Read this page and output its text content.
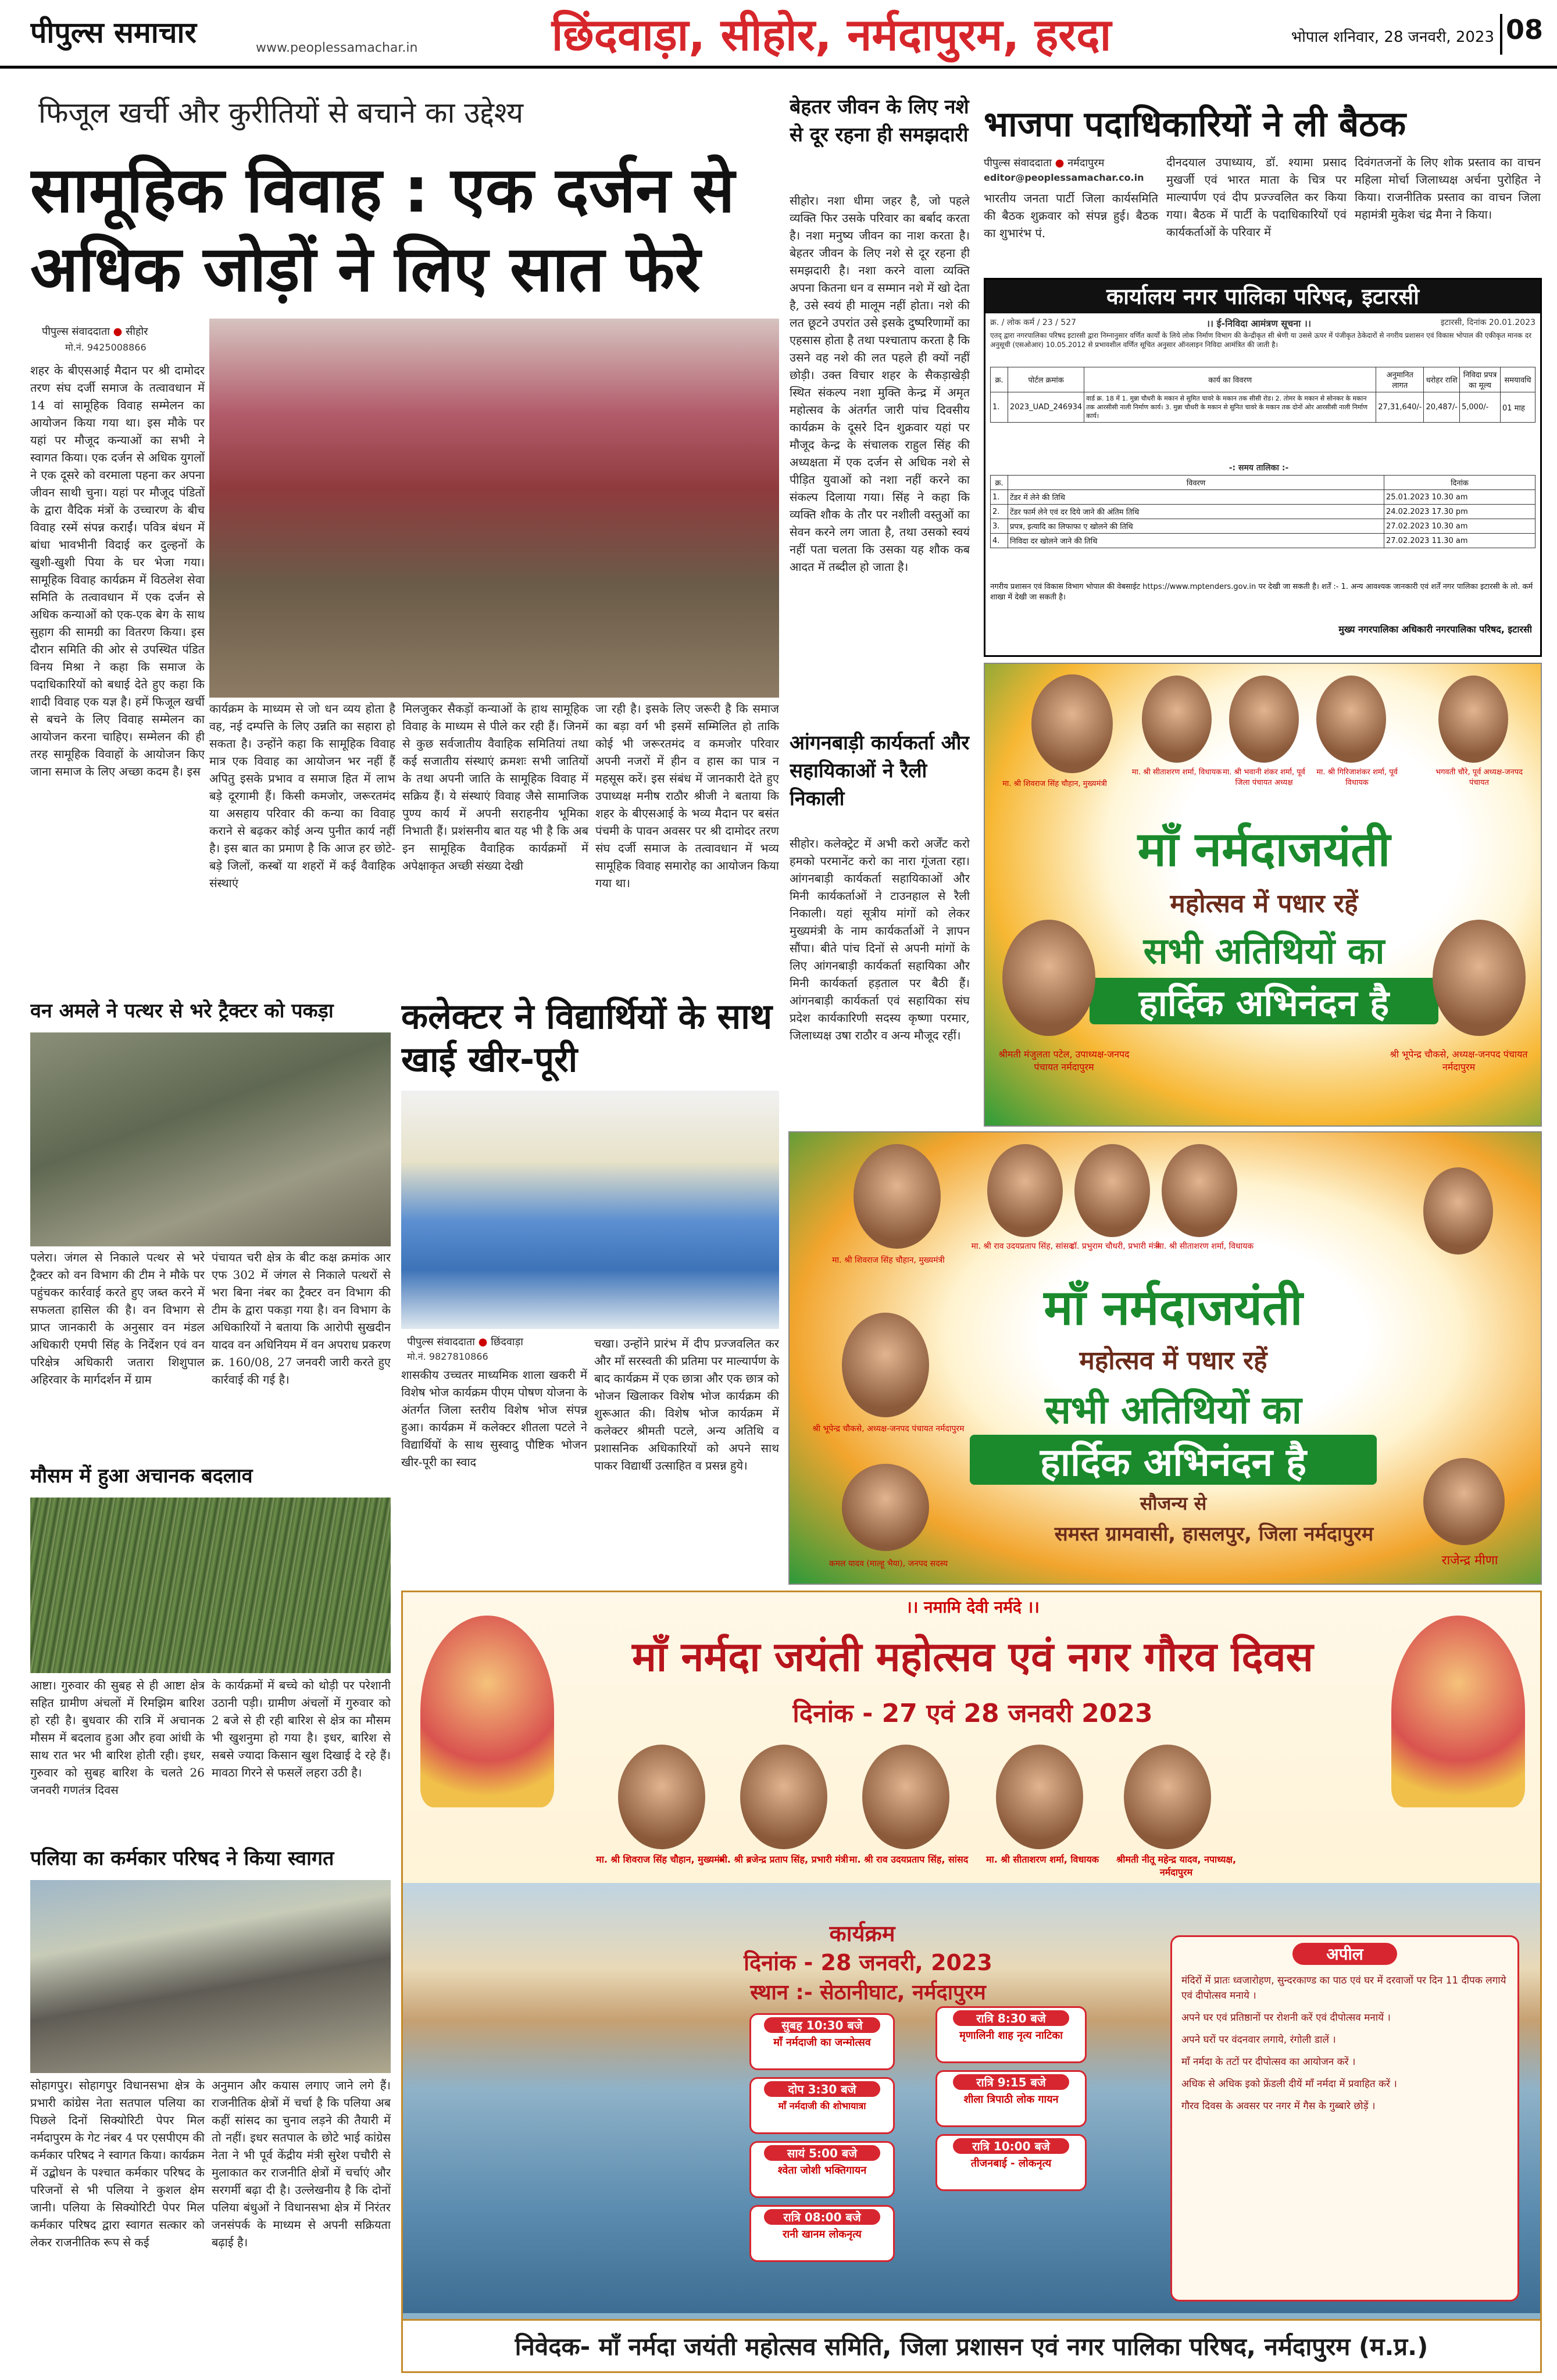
पीपुल्स समाचार	www.peoplessamachar.in	छिंदवाड़ा, सीहोर, नर्मदापुरम, हरदा	भोपाल शनिवार, 28 जनवरी, 2023 08
फिजूल खर्ची और कुरीतियों से बचाने का उद्देश्य
सामूहिक विवाह : एक दर्जन से अधिक जोड़ों ने लिए सात फेरे
पीपुल्स संवाददाता ● सीहोर
मो.नं. 9425008866
शहर के बीएसआई मैदान पर श्री दामोदर तरण संघ दर्जी समाज के तत्वावधान में 14 वां सामूहिक विवाह सम्मेलन का आयोजन किया गया था। इस मौके पर यहां पर मौजूद कन्याओं का सभी ने स्वागत किया। एक दर्जन से अधिक युगलों ने एक दूसरे को वरमाला पहना कर अपना जीवन साथी चुना। यहां पर मौजूद पंडितों के द्वारा वैदिक मंत्रों के उच्चारण के बीच विवाह रस्में संपन्न कराईं। पवित्र बंधन में बांधा भावभीनी विदाई कर दुल्हनों के खुशी-खुशी पिया के घर भेजा गया। सामूहिक विवाह कार्यक्रम में विठलेश सेवा समिति के तत्वावधान में एक दर्जन से अधिक कन्याओं को एक-एक बेग के साथ सुहाग की सामग्री का वितरण किया। इस दौरान समिति की ओर से उपस्थित पंडित विनय मिश्रा ने कहा कि समाज के पदाधिकारियों को बधाई देते हुए कहा कि शादी विवाह एक यज्ञ है। हमें फिजूल खर्ची से बचने के लिए विवाह सम्मेलन का आयोजन करना चाहिए। सम्मेलन की ही तरह सामूहिक विवाहों के आयोजन किए जाना समाज के लिए अच्छा कदम है। इस
कार्यक्रम के माध्यम से जो धन व्यय होता है वह, नई दम्पत्ति के लिए उन्नति का सहारा हो सकता है। उन्होंने कहा कि सामूहिक विवाह मात्र एक विवाह का आयोजन भर नहीं हैं अपितु इसके प्रभाव व समाज हित में लाभ बड़े दूरगामी हैं। किसी कमजोर, जरूरतमंद या असहाय परिवार की कन्या का विवाह कराने से बढ़कर कोई अन्य पुनीत कार्य नहीं है। इस बात का प्रमाण है कि आज हर छोटे-बड़े जिलों, कस्बों या शहरों में कई वैवाहिक संस्थाएं
मिलजुकर सैकड़ों कन्याओं के हाथ सामूहिक विवाह के माध्यम से पीले कर रही हैं। जिनमें से कुछ सर्वजातीय वैवाहिक समितियां तथा कई सजातीय संस्थाएं क्रमशः सभी जातियों के तथा अपनी जाति के सामूहिक विवाह में सक्रिय हैं। ये संस्थाएं विवाह जैसे सामाजिक पुण्य कार्य में अपनी सराहनीय भूमिका निभाती हैं। प्रशंसनीय बात यह भी है कि अब इन सामूहिक वैवाहिक कार्यक्रमों में अपेक्षाकृत अच्छी संख्या देखी
जा रही है। इसके लिए जरूरी है कि समाज का बड़ा वर्ग भी इसमें सम्मिलित हो ताकि कोई भी जरूरतमंद व कमजोर परिवार अपनी नजरों में हीन व हास का पात्र न महसूस करें। इस संबंध में जानकारी देते हुए उपाध्यक्ष मनीष राठौर श्रीजी ने बताया कि शहर के बीएसआई के भव्य मैदान पर बसंत पंचमी के पावन अवसर पर श्री दामोदर तरण संघ दर्जी समाज के तत्वावधान में भव्य सामूहिक विवाह समारोह का आयोजन किया गया था।
बेहतर जीवन के लिए नशे से दूर रहना ही समझदारी
सीहोर। नशा धीमा जहर है, जो पहले व्यक्ति फिर उसके परिवार का बर्बाद करता है। नशा मनुष्य जीवन का नाश करता है। बेहतर जीवन के लिए नशे से दूर रहना ही समझदारी है। नशा करने वाला व्यक्ति अपना कितना धन व सम्मान नशे में खो देता है, उसे स्वयं ही मालूम नहीं होता। नशे की लत छूटने उपरांत उसे इसके दुष्परिणामों का एहसास होता है तथा पश्चाताप करता है कि उसने वह नशे की लत पहले ही क्यों नहीं छोड़ी। उक्त विचार शहर के सैकड़ाखेड़ी स्थित संकल्प नशा मुक्ति केन्द्र में अमृत महोत्सव के अंतर्गत जारी पांच दिवसीय कार्यक्रम के दूसरे दिन शुक्रवार यहां पर मौजूद केन्द्र के संचालक राहुल सिंह की अध्यक्षता में एक दर्जन से अधिक नशे से पीड़ित युवाओं को नशा नहीं करने का संकल्प दिलाया गया। सिंह ने कहा कि व्यक्ति शौक के तौर पर नशीली वस्तुओं का सेवन करने लग जाता है, तथा उसको स्वयं नहीं पता चलता कि उसका यह शौक कब आदत में तब्दील हो जाता है।
आंगनबाड़ी कार्यकर्ता और सहायिकाओं ने रैली निकाली
सीहोर। कलेक्ट्रेट में अभी करो अर्जेंट करो हमको परमानेंट करो का नारा गूंजता रहा। आंगनबाड़ी कार्यकर्ता सहायिकाओं और मिनी कार्यकर्ताओं ने टाउनहाल से रैली निकाली। यहां सूत्रीय मांगों को लेकर मुख्यमंत्री के नाम कार्यकर्ताओं ने ज्ञापन सौंपा। बीते पांच दिनों से अपनी मांगों के लिए आंगनबाड़ी कार्यकर्ता सहायिका और मिनी कार्यकर्ता हड़ताल पर बैठी हैं। आंगनबाड़ी कार्यकर्ता एवं सहायिका संघ प्रदेश कार्यकारिणी सदस्य कृष्णा परमार, जिलाध्यक्ष उषा राठौर व अन्य मौजूद रहीं।
भाजपा पदाधिकारियों ने ली बैठक
पीपुल्स संवाददाता ● नर्मदापुरम
editor@peoplessamachar.co.in
भारतीय जनता पार्टी जिला कार्यसमिति की बैठक शुक्रवार को संपन्न हुई। बैठक का शुभारंभ पं.
दीनदयाल उपाध्याय, डॉ. श्यामा प्रसाद मुखर्जी एवं भारत माता के चित्र पर माल्यार्पण एवं दीप प्रज्ज्वलित कर किया गया। बैठक में पार्टी के पदाधिकारियों एवं कार्यकर्ताओं के परिवार में
दिवंगतजनों के लिए शोक प्रस्ताव का वाचन महिला मोर्चा जिलाध्यक्ष अर्चना पुरोहित ने किया। राजनीतिक प्रस्ताव का वाचन जिला महामंत्री मुकेश चंद्र मैना ने किया।
कार्यालय नगर पालिका परिषद, इटारसी
क्र. / लोक कर्म / 23 / 527	।। ई-निविदा आमंत्रण सूचना ।।	इटारसी, दिनांक 20.01.2023
एतद् द्वारा नगरपालिका परिषद इटारसी द्वारा निम्नानुसार वर्णित कार्यों के लिये लोक निर्माण विभाग की केन्द्रीकृत सी श्रेणी या उससे ऊपर में पंजीकृत ठेकेदारों से नगरीय प्रशासन एवं विकास भोपाल की एकीकृत मानक दर अनुसूची (एसओआर) 10.05.2012 से प्रभावशील वर्णित सूचित अनुसार ऑनलाइन निविदा आमंत्रित की जाती है।
क्र.	पोर्टल क्रमांक	कार्य का विवरण	अनुमानित लागत	धरोहर राशि	निविदा प्रपत्र का मूल्य	समयावधि
1.	2023_UAD_246934	वार्ड क्र. 18 में 1. मुन्ना चौधरी के मकान से सुमित चावरे के मकान तक सीसी रोड। 2. तोमर के मकान से सोनकर के मकान तक आरसीसी नाली निर्माण कार्य। 3. मुन्ना चौधरी के मकान से सुनित चावरे के मकान तक दोनों ओर आरसीसी नाली निर्माण कार्य।	27,31,640/-	20,487/-	5,000/-	01 माह
-: समय तालिका :-
क्र.	विवरण	दिनांक
1.	टेंडर में लेने की तिथि	25.01.2023 10.30 am
2.	टेंडर फार्म लेने एवं दर दिये जाने की अंतिम तिथि	24.02.2023 17.30 pm
3.	प्रपत्र, इत्यादि का लिफाफा ए खोलने की तिथि	27.02.2023 10.30 am
4.	निविदा दर खोलने जाने की तिथि	27.02.2023 11.30 am
नगरीय प्रशासन एवं विकास विभाग भोपाल की वेबसाईट https://www.mptenders.gov.in पर देखी जा सकती है। शर्तें :- 1. अन्य आवश्यक जानकारी एवं शर्तें नगर पालिका इटारसी के लो. कर्म शाखा में देखी जा सकती है।
मुख्य नगरपालिका अधिकारी नगरपालिका परिषद, इटारसी
मा. श्री शिवराज सिंह चौहान, मुख्यमंत्री
मा. श्री सीताशरण शर्मा, विधायक मा. श्री भवानी शंकर शर्मा, पूर्व जिला पंचायत अध्यक्ष
मा. श्री गिरिजाशंकर शर्मा, पूर्व विधायक
भगवती चौरे, पूर्व अध्यक्ष-जनपद पंचायत
माँ नर्मदाजयंती
महोत्सव में पधार रहें
सभी अतिथियों का
हार्दिक अभिनंदन है
श्रीमती मंजुलता पटेल, उपाध्यक्ष-जनपद पंचायत नर्मदापुरम
श्री भूपेन्द्र चौकसे, अध्यक्ष-जनपद पंचायत नर्मदापुरम
वन अमले ने पत्थर से भरे ट्रैक्टर को पकड़ा
पलेरा। जंगल से निकाले पत्थर से भरे ट्रैक्टर को वन विभाग की टीम ने मौके पर पहुंचकर कार्रवाई करते हुए जब्त करने में सफलता हासिल की है। वन विभाग से प्राप्त जानकारी के अनुसार वन मंडल अधिकारी एमपी सिंह के निर्देशन एवं वन परिक्षेत्र अधिकारी जतारा शिशुपाल अहिरवार के मार्गदर्शन में ग्राम
पंचायत चरी क्षेत्र के बीट कक्ष क्रमांक आर एफ 302 में जंगल से निकाले पत्थरों से भरा बिना नंबर का ट्रैक्टर वन विभाग की टीम के द्वारा पकड़ा गया है। वन विभाग के अधिकारियों ने बताया कि आरोपी सुखदीन यादव वन अधिनियम में वन अपराध प्रकरण क्र. 160/08, 27 जनवरी जारी करते हुए कार्रवाई की गई है।
कलेक्टर ने विद्यार्थियों के साथ खाई खीर-पूरी
पीपुल्स संवाददाता ● छिंदवाड़ा
मो.नं. 9827810866
शासकीय उच्चतर माध्यमिक शाला खकरी में विशेष भोज कार्यक्रम पीएम पोषण योजना के अंतर्गत जिला स्तरीय विशेष भोज संपन्न हुआ। कार्यक्रम में कलेक्टर शीतला पटले ने विद्यार्थियों के साथ सुस्वादु पौष्टिक भोजन खीर-पूरी का स्वाद
चखा। उन्होंने प्रारंभ में दीप प्रज्जवलित कर और माँ सरस्वती की प्रतिमा पर माल्यार्पण के बाद कार्यक्रम में एक छात्रा और एक छात्र को भोजन खिलाकर विशेष भोज कार्यक्रम की शुरूआत की। विशेष भोज कार्यक्रम में कलेक्टर श्रीमती पटले, अन्य अतिथि व प्रशासनिक अधिकारियों को अपने साथ पाकर विद्यार्थी उत्साहित व प्रसन्न हुये।
मा. श्री शिवराज सिंह चौहान, मुख्यमंत्री
मा. श्री राव उदयप्रताप सिंह, सांसद
डॉ. प्रभुराम चौधरी, प्रभारी मंत्री
मा. श्री सीताशरण शर्मा, विधायक
माँ नर्मदाजयंती
महोत्सव में पधार रहें
सभी अतिथियों का
हार्दिक अभिनंदन है
श्री भूपेन्द्र चौकसे, अध्यक्ष-जनपद पंचायत नर्मदापुरम
कमल यादव (माल्हू भैया), जनपद सदस्य
सौजन्य से
समस्त ग्रामवासी, हासलपुर, जिला नर्मदापुरम
राजेन्द्र मीणा
मौसम में हुआ अचानक बदलाव
आष्टा। गुरुवार की सुबह से ही आष्टा क्षेत्र सहित ग्रामीण अंचलों में रिमझिम बारिश हो रही है। बुधवार की रात्रि में अचानक मौसम में बदलाव हुआ और हवा आंधी के साथ रात भर भी बारिश होती रही। इधर, गुरुवार को सुबह बारिश के चलते 26 जनवरी गणतंत्र दिवस
के कार्यक्रमों में बच्चे को थोड़ी पर परेशानी उठानी पड़ी। ग्रामीण अंचलों में गुरुवार को 2 बजे से ही रही बारिश से क्षेत्र का मौसम भी खुशनुमा हो गया है। इधर, बारिश से सबसे ज्यादा किसान खुश दिखाई दे रहे हैं। मावठा गिरने से फसलें लहरा उठी है।
पलिया का कर्मकार परिषद ने किया स्वागत
सोहागपुर। सोहागपुर विधानसभा क्षेत्र के प्रभारी कांग्रेस नेता सतपाल पलिया का पिछले दिनों सिक्योरिटी पेपर मिल नर्मदापुरम के गेट नंबर 4 पर एसपीएम की कर्मकार परिषद ने स्वागत किया। कार्यक्रम में उद्बोधन के पश्चात कर्मकार परिषद के परिजनों से भी पलिया ने कुशल क्षेम जानी। पलिया के सिक्योरिटी पेपर मिल कर्मकार परिषद द्वारा स्वागत सत्कार को लेकर राजनीतिक रूप से कई
अनुमान और कयास लगाए जाने लगे हैं। राजनीतिक क्षेत्रों में चर्चा है कि पलिया अब कहीं सांसद का चुनाव लड़ने की तैयारी में तो नहीं। इधर सतपाल के छोटे भाई कांग्रेस नेता ने भी पूर्व केंद्रीय मंत्री सुरेश पचौरी से मुलाकात कर राजनीति क्षेत्रों में चर्चाएं और सरगर्मी बढ़ा दी है। उल्लेखनीय है कि दोनों पलिया बंधुओं ने विधानसभा क्षेत्र में निरंतर जनसंपर्क के माध्यम से अपनी सक्रियता बढ़ाई है।
।। नमामि देवी नर्मदे ।।
माँ नर्मदा जयंती महोत्सव एवं नगर गौरव दिवस
दिनांक - 27 एवं 28 जनवरी 2023
मा. श्री शिवराज सिंह चौहान, मुख्यमंत्री
मा. श्री ब्रजेन्द्र प्रताप सिंह, प्रभारी मंत्री मा. श्री राव उदयप्रताप सिंह, सांसद	मा. श्री सीताशरण शर्मा, विधायक	श्रीमती नीतू महेन्द्र यादव, नपाध्यक्ष, नर्मदापुरम
कार्यक्रम
दिनांक - 28 जनवरी, 2023
स्थान :- सेठानीघाट, नर्मदापुरम
सुबह 10:30 बजे
माँ नर्मदाजी का जन्मोत्सव
रात्रि 8:30 बजे
मृणालिनी शाह नृत्य नाटिका
दोप 3:30 बजे
माँ नर्मदाजी की शोभायात्रा
रात्रि 9:15 बजे
शीला त्रिपाठी लोक गायन
सायं 5:00 बजे
श्वेता जोशी भक्तिगायन
रात्रि 10:00 बजे
तीजनबाई - लोकनृत्य
रात्रि 08:00 बजे
रानी खानम लोकनृत्य
अपील
मंदिरों में प्रातः ध्वजारोहण, सुन्दरकाण्ड का पाठ एवं घर में दरवाजों पर दिन 11 दीपक लगाये एवं दीपोत्सव मनाये ।
अपने घर एवं प्रतिष्ठानों पर रोशनी करें एवं दीपोत्सव मनायें ।
अपने घरों पर वंदनवार लगाये, रंगोली डालें ।
माँ नर्मदा के तटों पर दीपोत्सव का आयोजन करें ।
अधिक से अधिक इको फ्रेंडली दीयें माँ नर्मदा में प्रवाहित करें ।
गौरव दिवस के अवसर पर नगर में गैस के गुब्बारे छोड़ें ।
निवेदक- माँ नर्मदा जयंती महोत्सव समिति, जिला प्रशासन एवं नगर पालिका परिषद, नर्मदापुरम (म.प्र.)
